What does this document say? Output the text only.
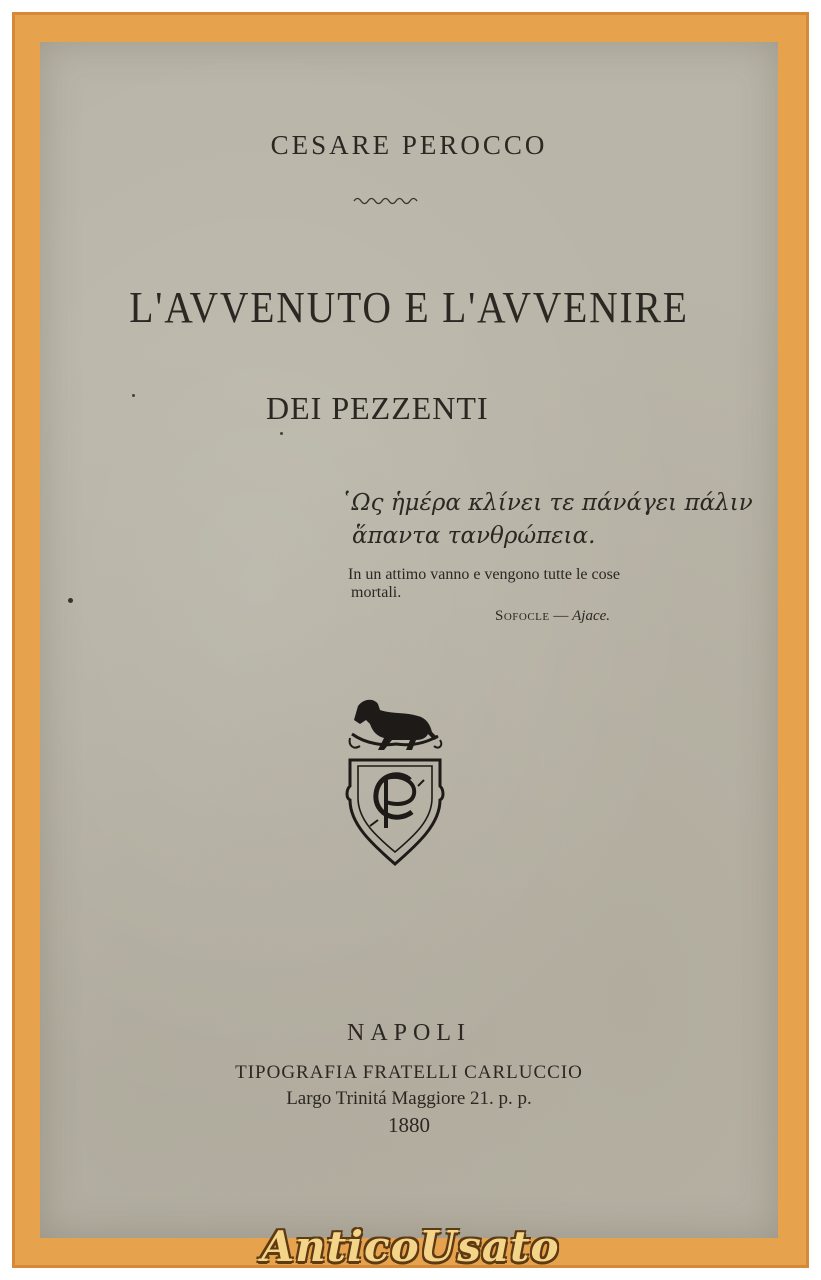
CESARE PEROCCO
L'AVVENUTO E L'AVVENIRE
DEI PEZZENTI
῾Ως ἡμέρα κλίνει τε πάνάγει πάλιν
ἅπαντα τανθρώπεια.
In un attimo vanno e vengono tutte le cose
mortali.
Sofocle — Ajace.
NAPOLI
TIPOGRAFIA FRATELLI CARLUCCIO
Largo Trinitá Maggiore 21. p. p.
1880
AnticoUsato
